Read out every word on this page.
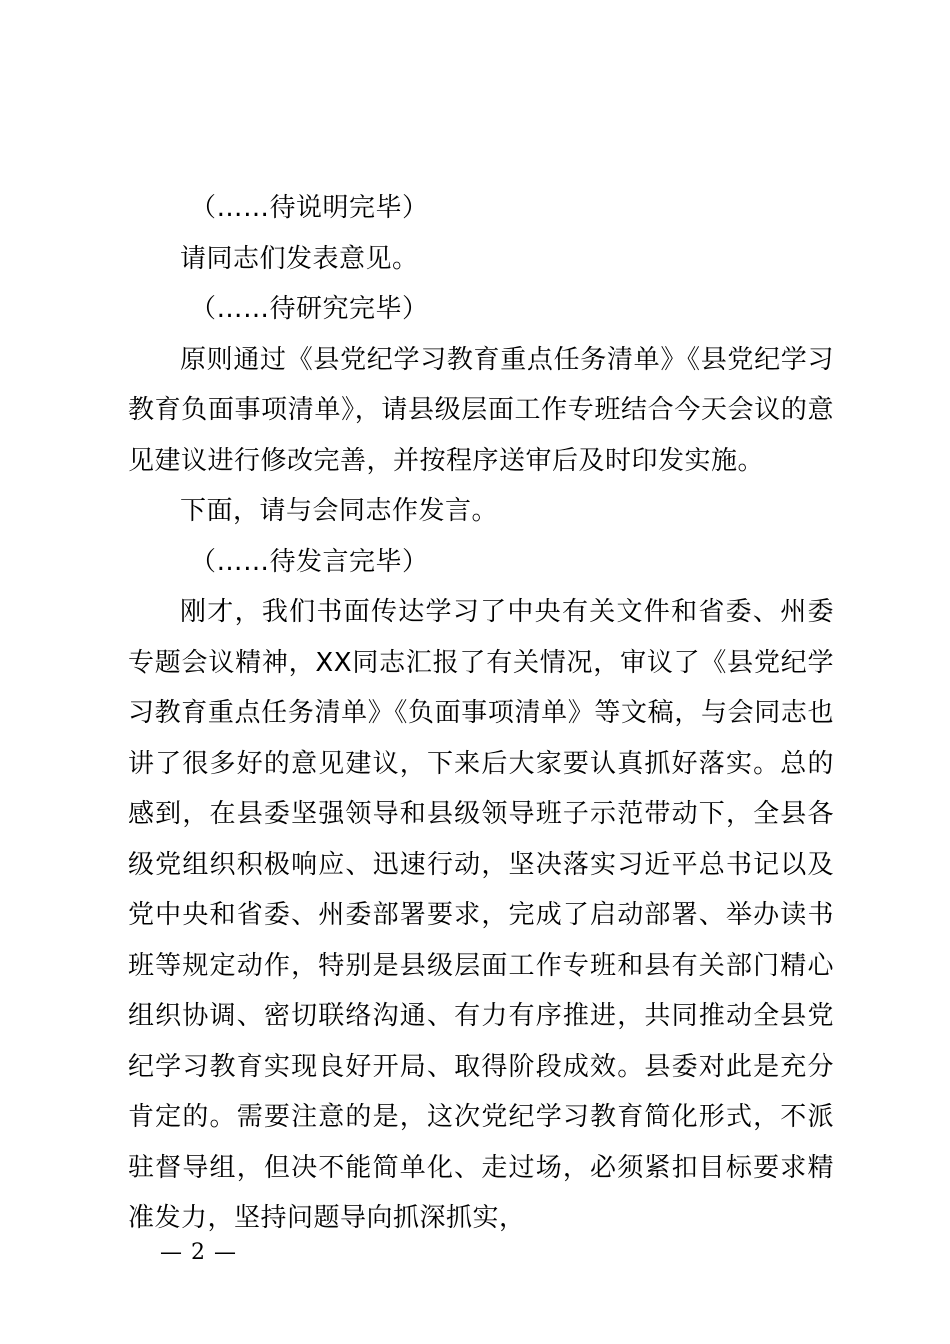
（……待说明完毕）

请同志们发表意见。

（……待研究完毕）

原则通过《县党纪学习教育重点任务清单》《县党纪学习教育负面事项清单》，请县级层面工作专班结合今天会议的意见建议进行修改完善，并按程序送审后及时印发实施。

下面，请与会同志作发言。

（……待发言完毕）

刚才，我们书面传达学习了中央有关文件和省委、州委专题会议精神，XX同志汇报了有关情况，审议了《县党纪学习教育重点任务清单》《负面事项清单》等文稿，与会同志也讲了很多好的意见建议，下来后大家要认真抓好落实。总的感到，在县委坚强领导和县级领导班子示范带动下，全县各级党组织积极响应、迅速行动，坚决落实习近平总书记以及党中央和省委、州委部署要求，完成了启动部署、举办读书班等规定动作，特别是县级层面工作专班和县有关部门精心组织协调、密切联络沟通、有力有序推进，共同推动全县党纪学习教育实现良好开局、取得阶段成效。县委对此是充分肯定的。需要注意的是，这次党纪学习教育简化形式，不派驻督导组，但决不能简单化、走过场，必须紧扣目标要求精准发力，坚持问题导向抓深抓实，

— 2 —
